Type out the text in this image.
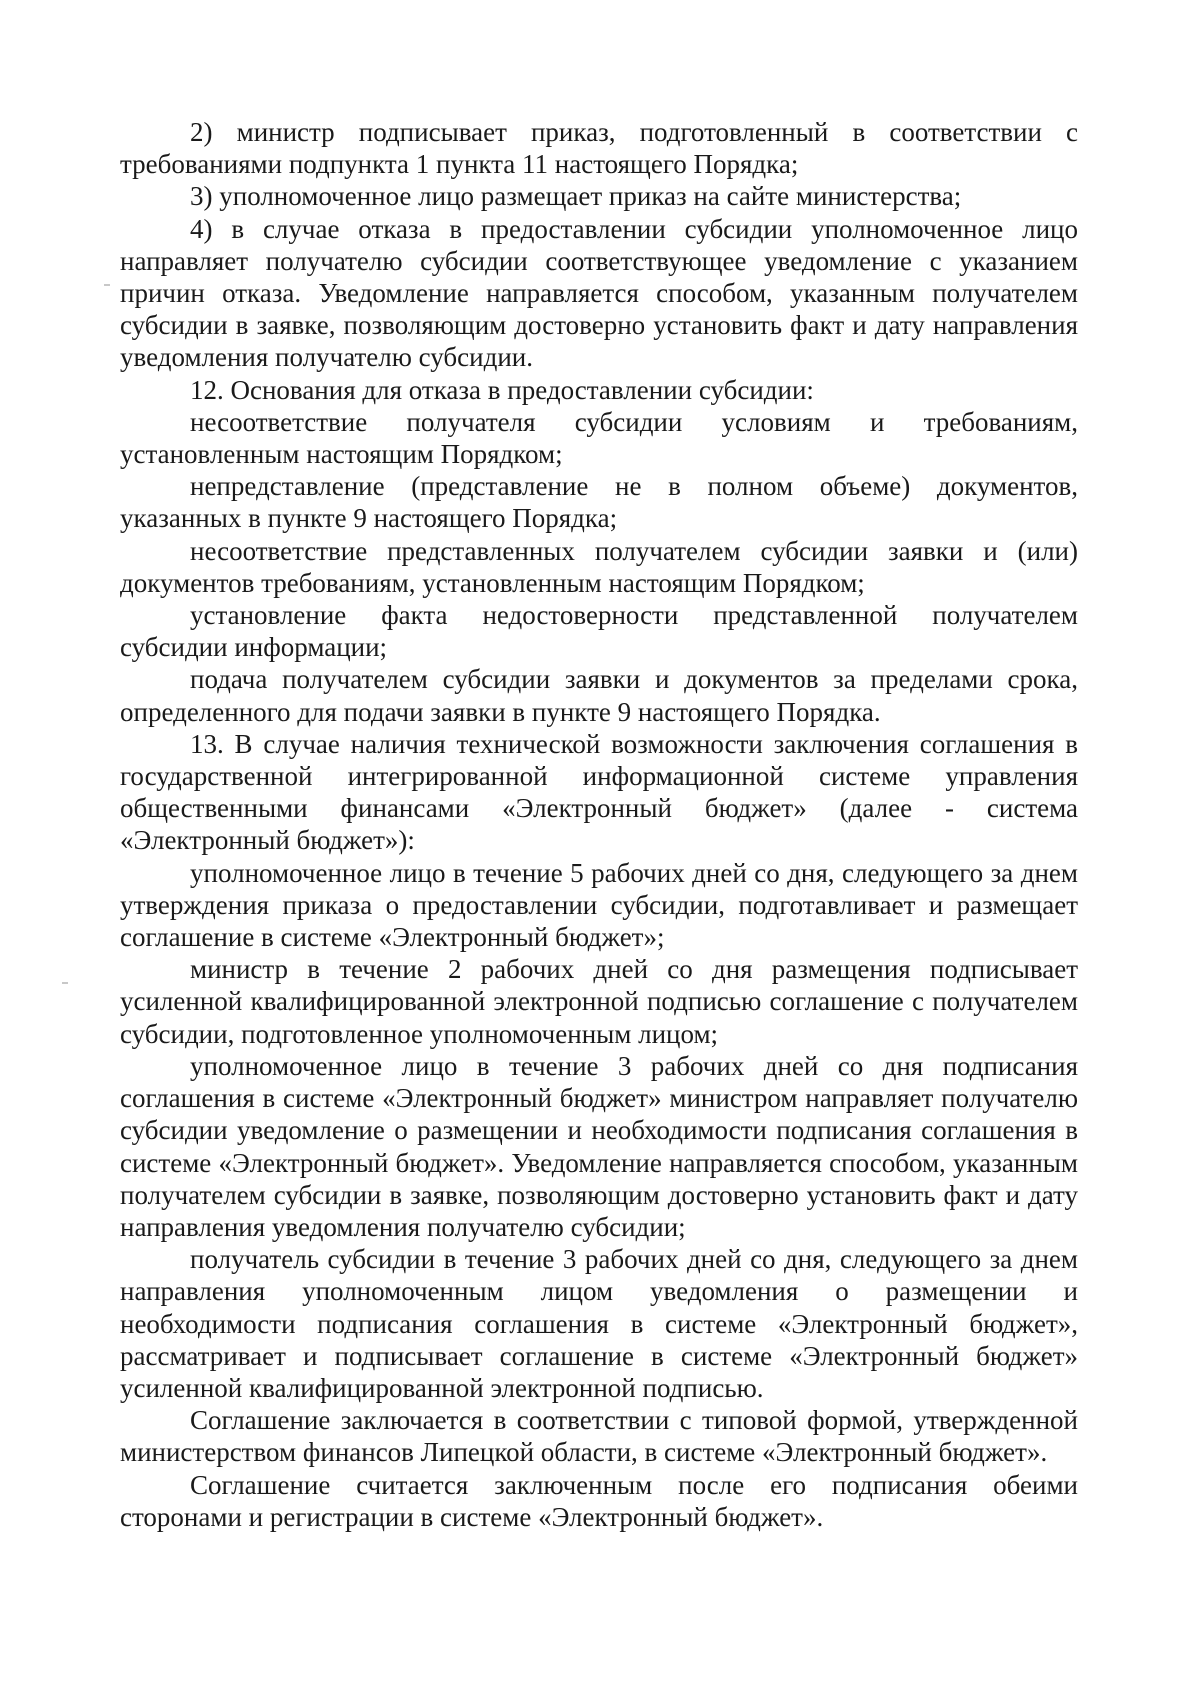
2) министр подписывает приказ, подготовленный в соответствии с требованиями подпункта 1 пункта 11 настоящего Порядка;

3) уполномоченное лицо размещает приказ на сайте министерства;

4) в случае отказа в предоставлении субсидии уполномоченное лицо направляет получателю субсидии соответствующее уведомление с указанием причин отказа. Уведомление направляется способом, указанным получателем субсидии в заявке, позволяющим достоверно установить факт и дату направления уведомления получателю субсидии.

12. Основания для отказа в предоставлении субсидии:

несоответствие получателя субсидии условиям и требованиям, установленным настоящим Порядком;

непредставление (представление не в полном объеме) документов, указанных в пункте 9 настоящего Порядка;

несоответствие представленных получателем субсидии заявки и (или) документов требованиям, установленным настоящим Порядком;

установление факта недостоверности представленной получателем субсидии информации;

подача получателем субсидии заявки и документов за пределами срока, определенного для подачи заявки в пункте 9 настоящего Порядка.

13. В случае наличия технической возможности заключения соглашения в государственной интегрированной информационной системе управления общественными финансами «Электронный бюджет» (далее - система «Электронный бюджет»):

уполномоченное лицо в течение 5 рабочих дней со дня, следующего за днем утверждения приказа о предоставлении субсидии, подготавливает и размещает соглашение в системе «Электронный бюджет»;

министр в течение 2 рабочих дней со дня размещения подписывает усиленной квалифицированной электронной подписью соглашение с получателем субсидии, подготовленное уполномоченным лицом;

уполномоченное лицо в течение 3 рабочих дней со дня подписания соглашения в системе «Электронный бюджет» министром направляет получателю субсидии уведомление о размещении и необходимости подписания соглашения в системе «Электронный бюджет». Уведомление направляется способом, указанным получателем субсидии в заявке, позволяющим достоверно установить факт и дату направления уведомления получателю субсидии;

получатель субсидии в течение 3 рабочих дней со дня, следующего за днем направления уполномоченным лицом уведомления о размещении и необходимости подписания соглашения в системе «Электронный бюджет», рассматривает и подписывает соглашение в системе «Электронный бюджет» усиленной квалифицированной электронной подписью.

Соглашение заключается в соответствии с типовой формой, утвержденной министерством финансов Липецкой области, в системе «Электронный бюджет».

Соглашение считается заключенным после его подписания обеими сторонами и регистрации в системе «Электронный бюджет».
